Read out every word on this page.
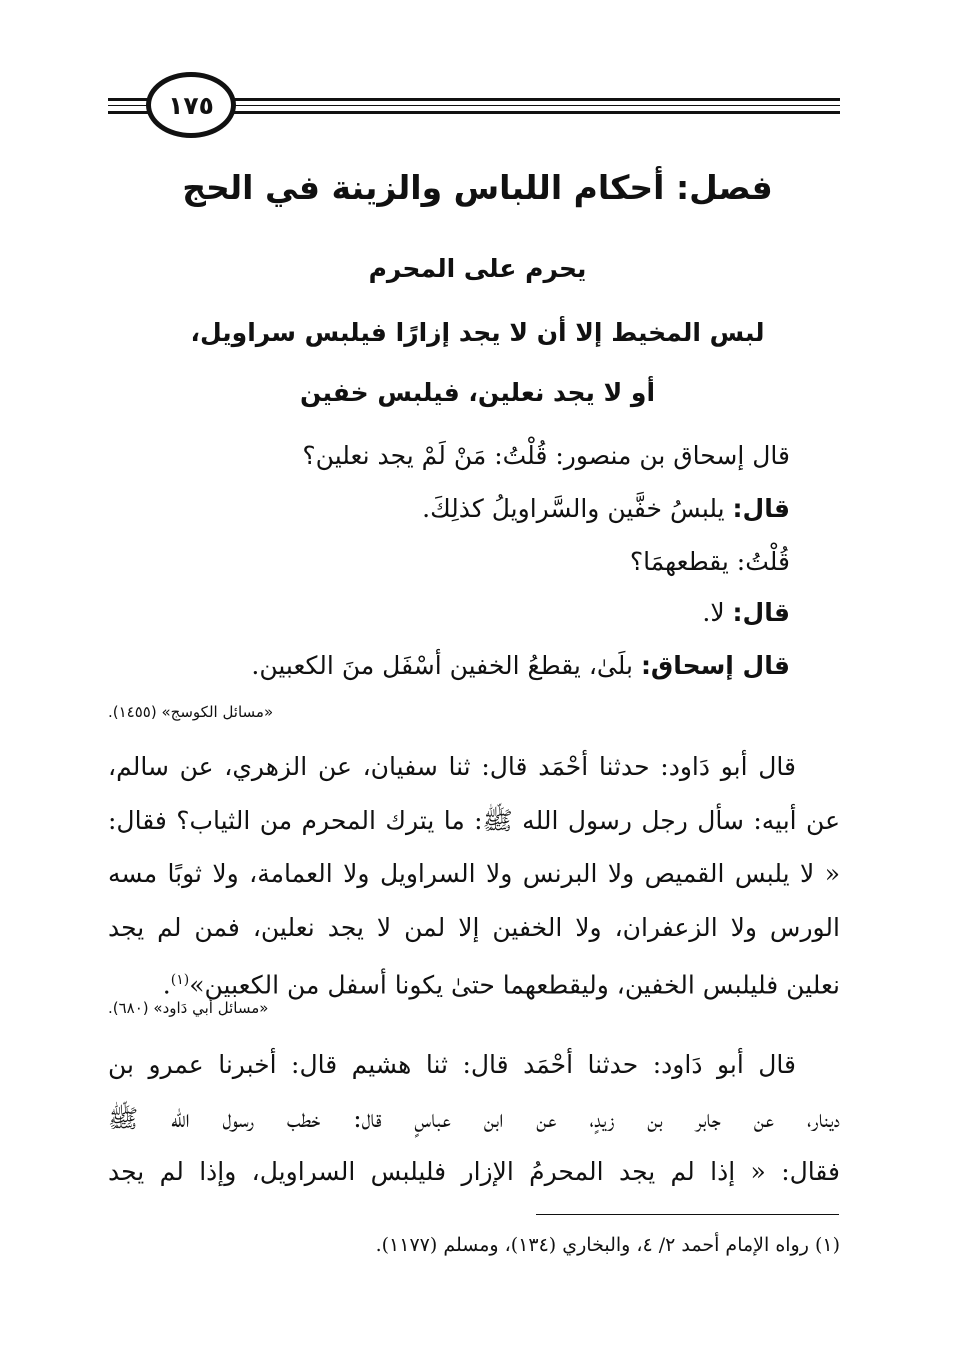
١٧٥
فصل: أحكام اللباس والزينة في الحج
يحرم على المحرم
لبس المخيط إلا أن لا يجد إزارًا فيلبس سراويل،
أو لا يجد نعلين، فيلبس خفين
قال إسحاق بن منصور: قُلْتُ: مَنْ لَمْ يجد نعلين؟
قال: يلبسُ خفَّين والسَّراويلُ كذلِكَ.
قُلْتُ: يقطعهمَا؟
قال: لا.
قال إسحاق: بلَىٰ، يقطعُ الخفين أسْفَل منَ الكعبين.
«مسائل الكوسج» (١٤٥٥).
قال أبو دَاود: حدثنا أحْمَد قال: ثنا سفيان، عن الزهري، عن سالم،
عن أبيه: سأل رجل رسول الله ﷺ: ما يترك المحرم من الثياب؟ فقال:
« لا يلبس القميص ولا البرنس ولا السراويل ولا العمامة، ولا ثوبًا مسه
الورس ولا الزعفران، ولا الخفين إلا لمن لا يجد نعلين، فمن لم يجد
نعلين فليلبس الخفين، وليقطعهما حتىٰ يكونا أسفل من الكعبين»$^{(١)}$.
«مسائل أبي دَاود» (٦٨٠).
قال أبو دَاود: حدثنا أحْمَد قال: ثنا هشيم قال: أخبرنا عمرو بن
دينار، عن جابر بن زيدٍ، عن ابن عباسٍ قال: خطب رسول الله ﷺ
فقال: « إذا لم يجد المحرمُ الإزار فليلبس السراويل، وإذا لم يجد
(١) رواه الإمام أحمد ٢/ ٤، والبخاري (١٣٤)، ومسلم (١١٧٧).
